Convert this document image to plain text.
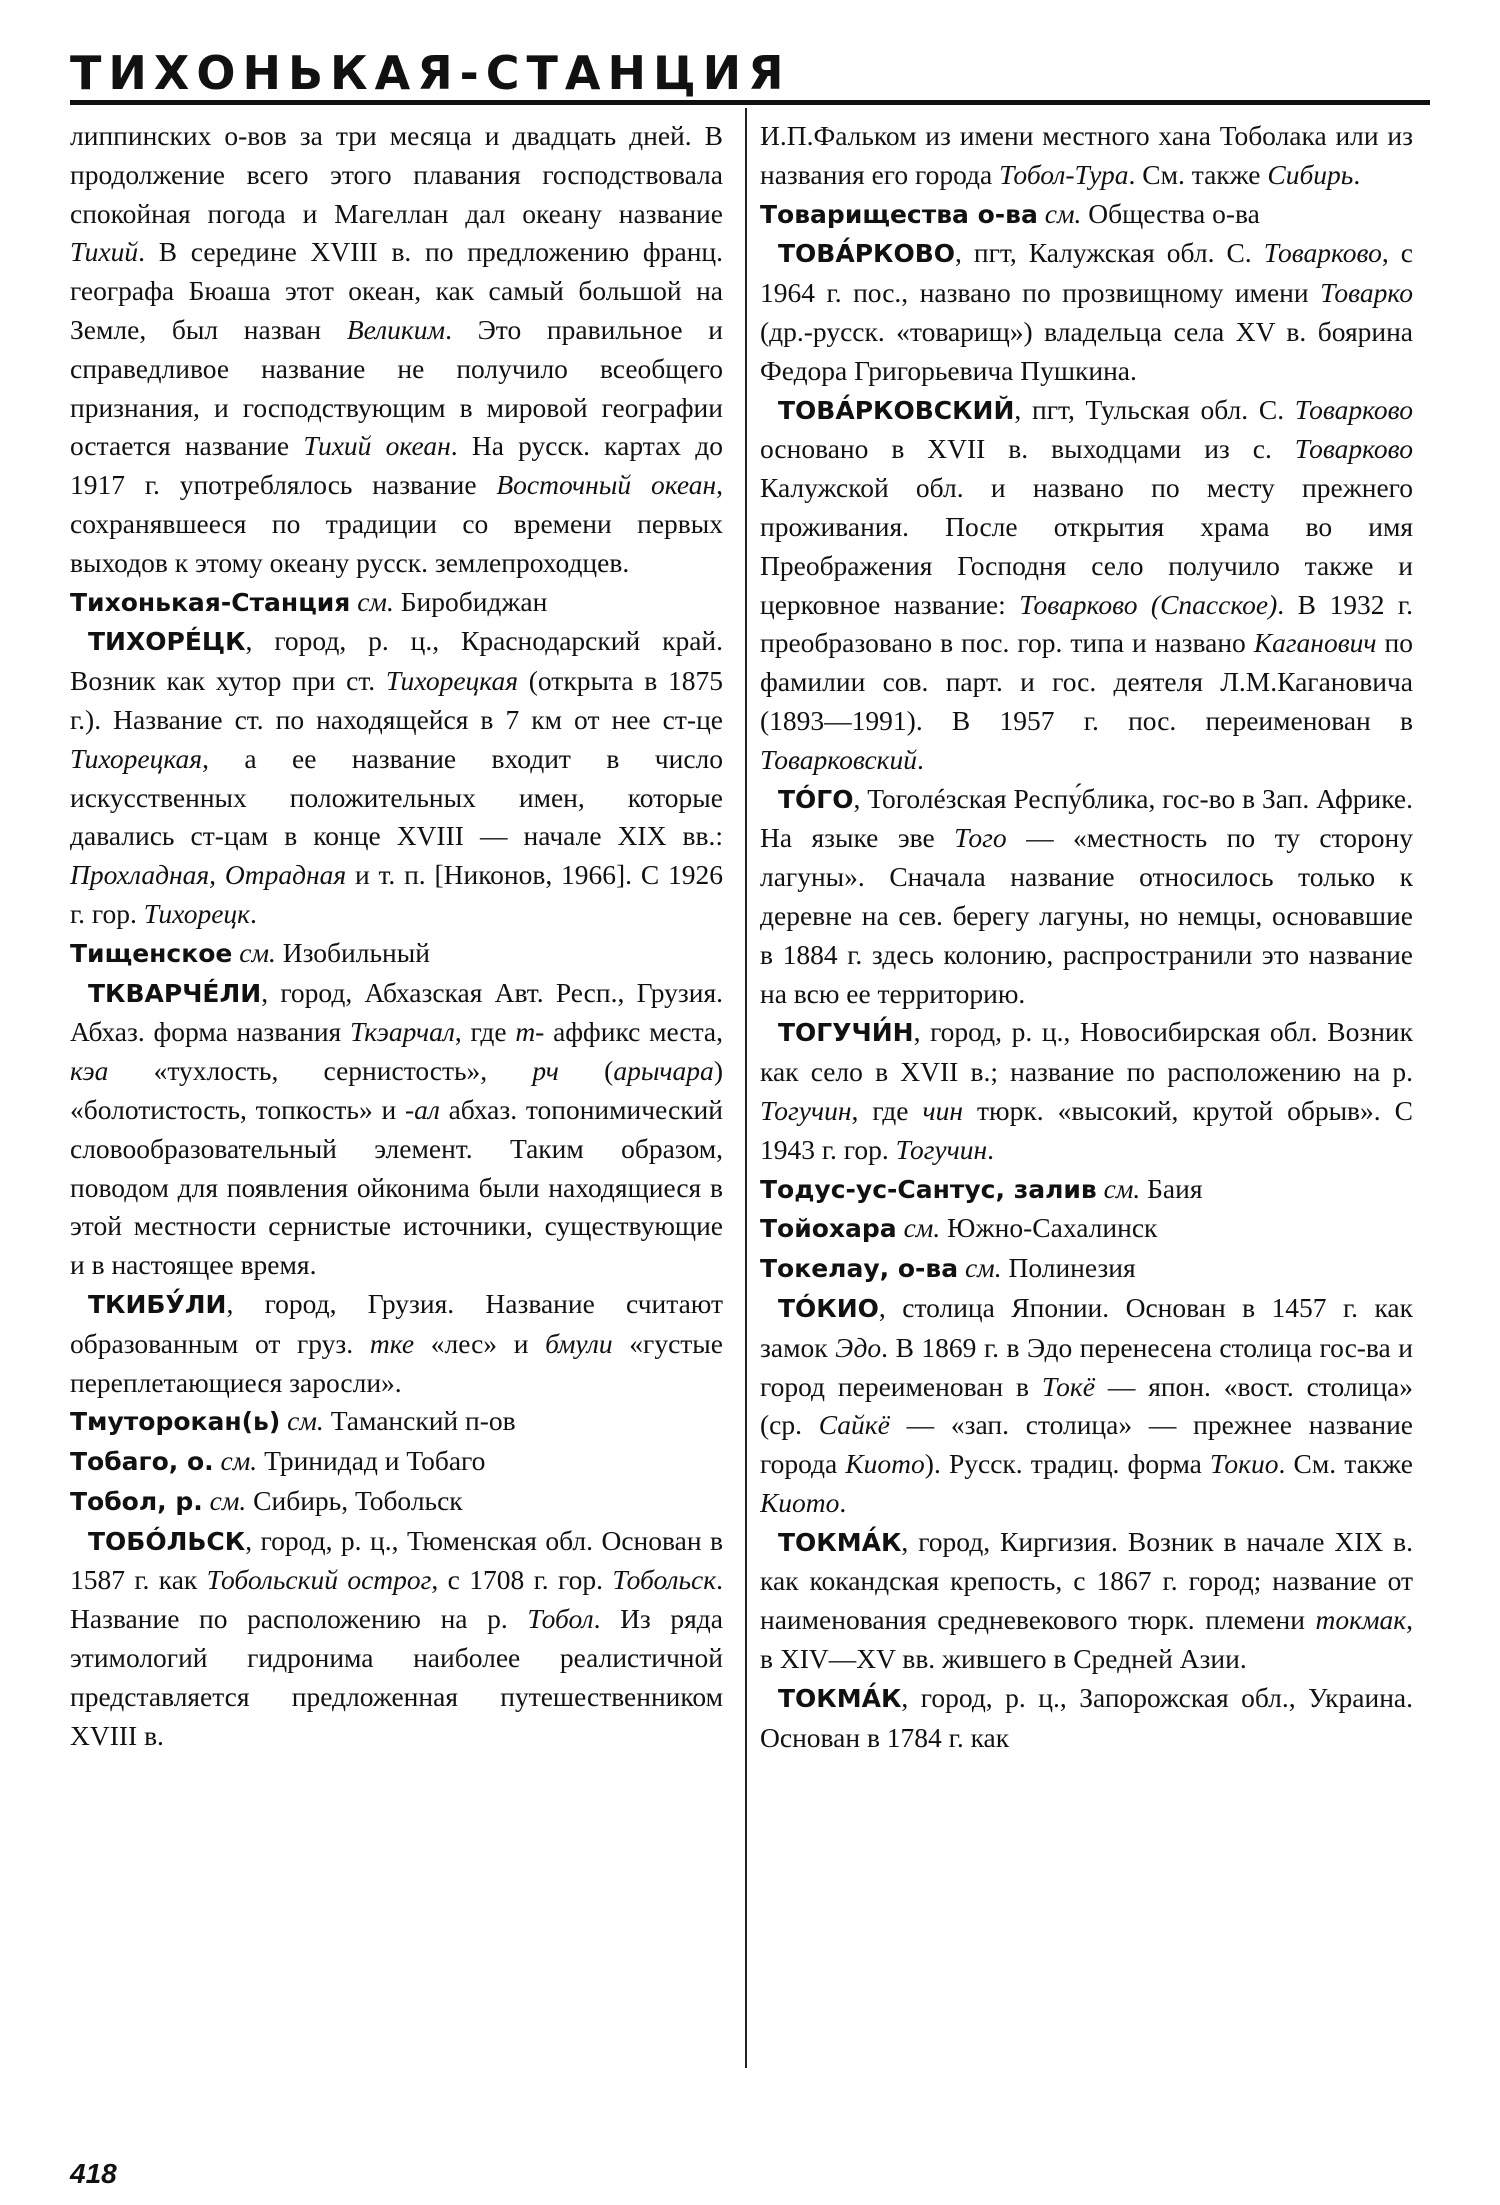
ТИХОНЬКАЯ-СТАНЦИЯ

липпинских о-вов за три месяца и двадцать дней. В продолжение всего этого плавания господствовала спокойная погода и Магеллан дал океану название Тихий. В середине XVIII в. по предложению франц. географа Бюаша этот океан, как самый большой на Земле, был назван Великим. Это правильное и справедливое название не получило всеобщего признания, и господствующим в мировой географии остается название Тихий океан. На русск. картах до 1917 г. употреблялось название Восточный океан, сохранявшееся по традиции со времени первых выходов к этому океану русск. землепроходцев.

Тихонькая-Станция см. Биробиджан

ТИХОРÉЦК, город, р. ц., Краснодарский край. Возник как хутор при ст. Тихорецкая (открыта в 1875 г.). Название ст. по находящейся в 7 км от нее ст-це Тихорецкая, а ее название входит в число искусственных положительных имен, которые давались ст-цам в конце XVIII — начале XIX вв.: Прохладная, Отрадная и т. п. [Никонов, 1966]. С 1926 г. гор. Тихорецк.

Тищенское см. Изобильный

ТКВАРЧÉЛИ, город, Абхазская Авт. Респ., Грузия. Абхаз. форма названия Ткэарчал, где т- аффикс места, кэа «тухлость, сернистость», рч (арычара) «болотистость, топкость» и -ал абхаз. топонимический словообразовательный элемент. Таким образом, поводом для появления ойконима были находящиеся в этой местности сернистые источники, существующие и в настоящее время.

ТКИБУ́ЛИ, город, Грузия. Название считают образованным от груз. тке «лес» и бмули «густые переплетающиеся заросли».

Тмуторокан(ь) см. Таманский п-ов

Тобаго, о. см. Тринидад и Тобаго

Тобол, р. см. Сибирь, Тобольск

ТОБÓЛЬСК, город, р. ц., Тюменская обл. Основан в 1587 г. как Тобольский острог, с 1708 г. гор. Тобольск. Название по расположению на р. Тобол. Из ряда этимологий гидронима наиболее реалистичной представляется предложенная путешественником XVIII в.

И.П.Фальком из имени местного хана Тоболака или из названия его города Тобол-Тура. См. также Сибирь.

Товарищества о-ва см. Общества о-ва

ТОВА́РКОВО, пгт, Калужская обл. С. Товарково, с 1964 г. пос., названо по прозвищному имени Товарко (др.-русск. «товарищ») владельца села XV в. боярина Федора Григорьевича Пушкина.

ТОВА́РКОВСКИЙ, пгт, Тульская обл. С. Товарково основано в XVII в. выходцами из с. Товарково Калужской обл. и названо по месту прежнего проживания. После открытия храма во имя Преображения Господня село получило также и церковное название: Товарково (Спасское). В 1932 г. преобразовано в пос. гор. типа и названо Каганович по фамилии сов. парт. и гос. деятеля Л.М.Кагановича (1893—1991). В 1957 г. пос. переименован в Товарковский.

ТÓГО, Тоголéзская Респу́блика, гос-во в Зап. Африке. На языке эве Того — «местность по ту сторону лагуны». Сначала название относилось только к деревне на сев. берегу лагуны, но немцы, основавшие в 1884 г. здесь колонию, распространили это название на всю ее территорию.

ТОГУЧИ́Н, город, р. ц., Новосибирская обл. Возник как село в XVII в.; название по расположению на р. Тогучин, где чин тюрк. «высокий, крутой обрыв». С 1943 г. гор. Тогучин.

Тодус-ус-Сантус, залив см. Баия

Тойохара см. Южно-Сахалинск

Токелау, о-ва см. Полинезия

ТÓКИО, столица Японии. Основан в 1457 г. как замок Эдо. В 1869 г. в Эдо перенесена столица гос-ва и город переименован в Токё — япон. «вост. столица» (ср. Сайкё — «зап. столица» — прежнее название города Киото). Русск. традиц. форма Токио. См. также Киото.

ТОКМА́К, город, Киргизия. Возник в начале XIX в. как кокандская крепость, с 1867 г. город; название от наименования средневекового тюрк. племени токмак, в XIV—XV вв. жившего в Средней Азии.

ТОКМА́К, город, р. ц., Запорожская обл., Украина. Основан в 1784 г. как

418
